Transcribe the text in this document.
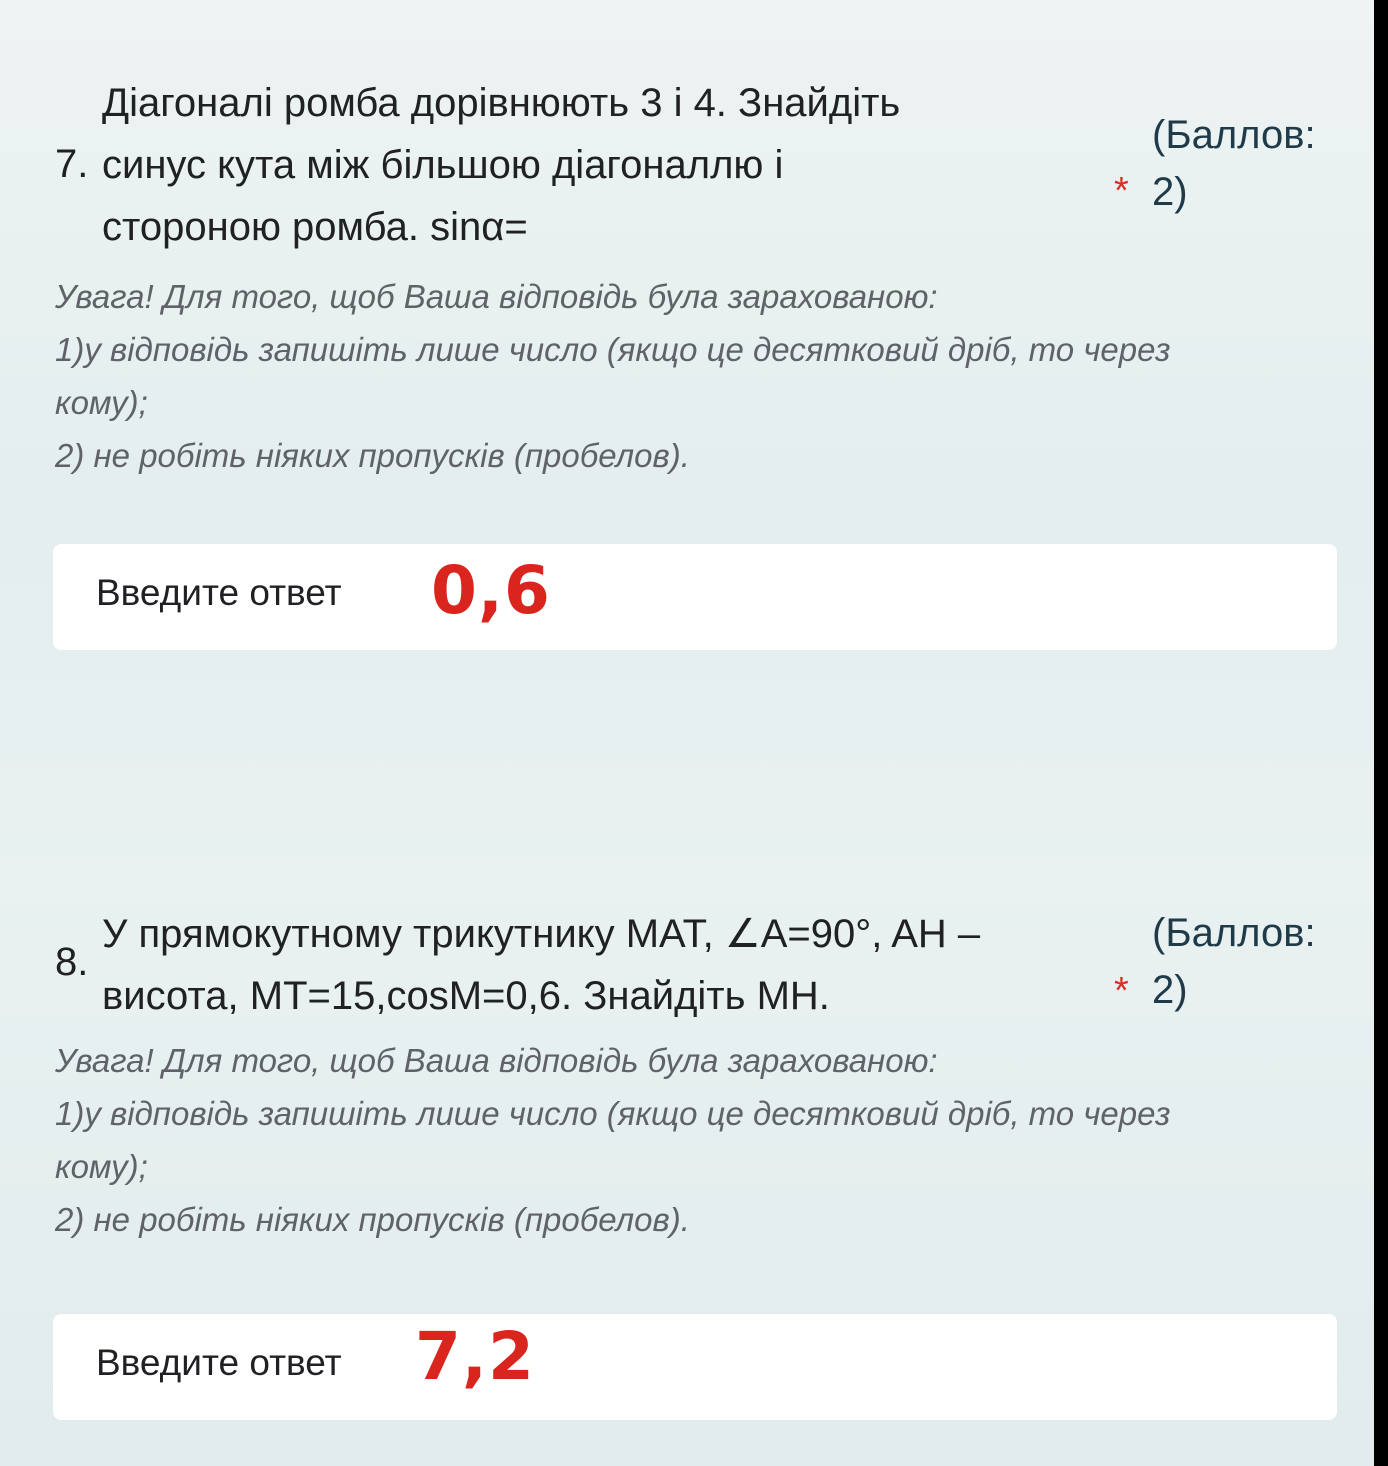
7.
Діагоналі ромба дорівнюють 3 і 4. Знайдіть
синус кута між більшою діагоналлю і
стороною ромба. sinα=
(Баллов:
* 2)
Увага! Для того, щоб Ваша відповідь була зарахованою:
1)у відповідь запишіть лише число (якщо це десятковий дріб, то через
кому);
2) не робіть ніяких пропусків (пробелов).
Введите ответ 0,6
8.
У прямокутному трикутнику МАТ, ∠A=90°, AH –
висота, МТ=15,cosM=0,6. Знайдіть МН.
(Баллов:
* 2)
Увага! Для того, щоб Ваша відповідь була зарахованою:
1)у відповідь запишіть лише число (якщо це десятковий дріб, то через
кому);
2) не робіть ніяких пропусків (пробелов).
Введите ответ 7,2
